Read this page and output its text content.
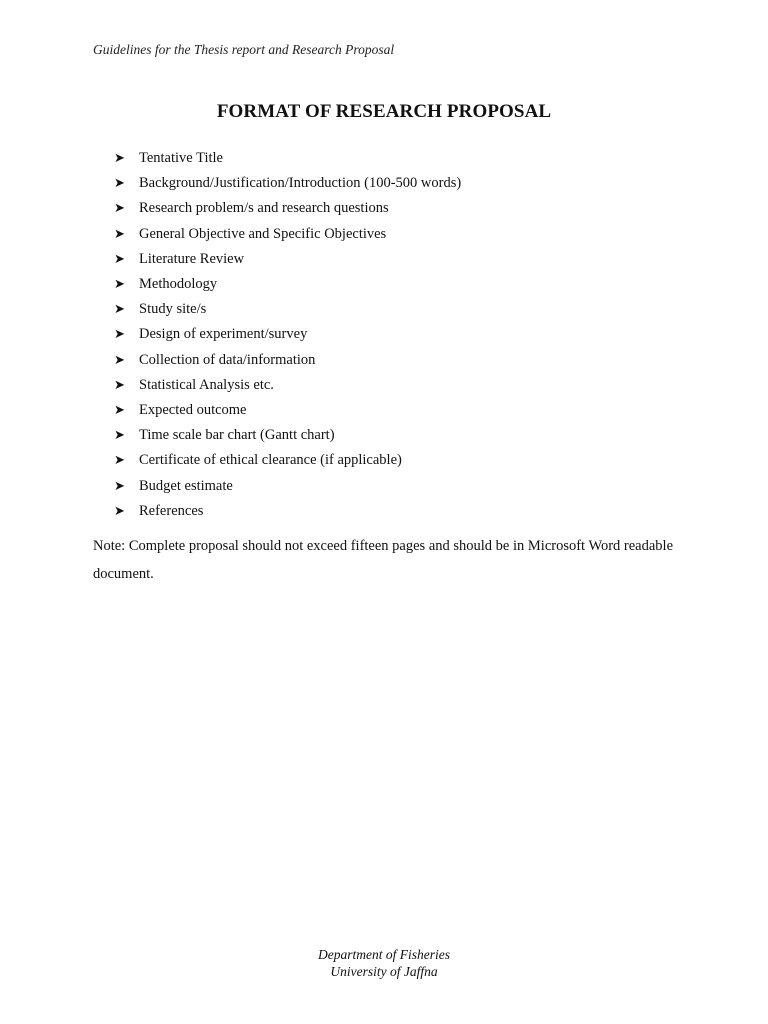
Guidelines for the Thesis report and Research Proposal
FORMAT OF RESEARCH PROPOSAL
➤ Tentative Title
➤ Background/Justification/Introduction (100-500 words)
➤ Research problem/s and research questions
➤ General Objective and Specific Objectives
➤ Literature Review
➤ Methodology
➤ Study site/s
➤ Design of experiment/survey
➤ Collection of data/information
➤ Statistical Analysis etc.
➤ Expected outcome
➤ Time scale bar chart (Gantt chart)
➤ Certificate of ethical clearance (if applicable)
➤ Budget estimate
➤ References

Note: Complete proposal should not exceed fifteen pages and should be in Microsoft Word readable document.

Department of Fisheries
University of Jaffna
